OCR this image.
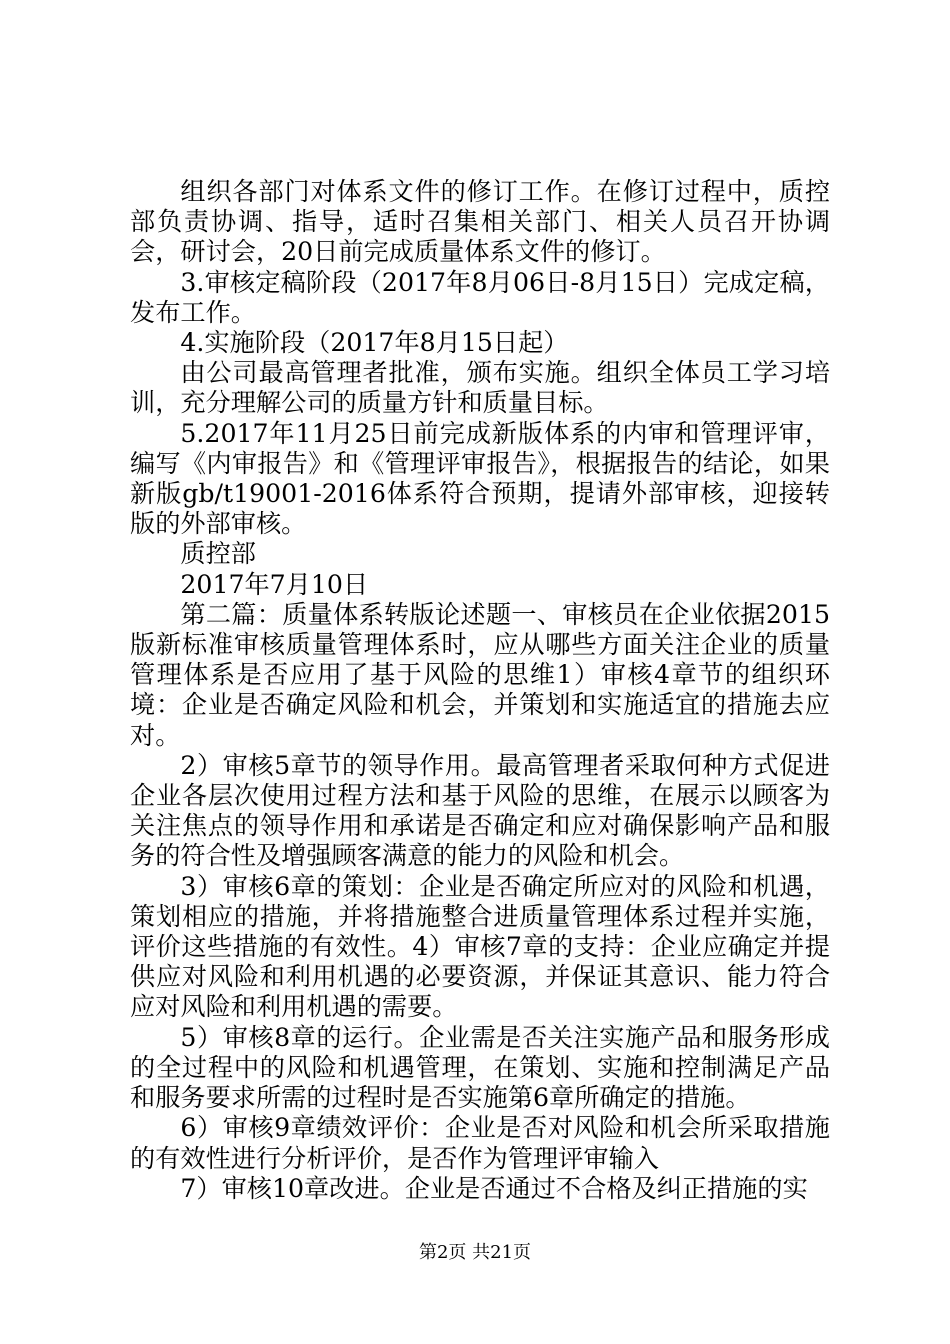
组织各部门对体系文件的修订工作。在修订过程中，质控部负责协调、指导，适时召集相关部门、相关人员召开协调会，研讨会，20日前完成质量体系文件的修订。

3.审核定稿阶段（2017年8月06日-8月15日）完成定稿，发布工作。

4.实施阶段（2017年8月15日起）

由公司最高管理者批准，颁布实施。组织全体员工学习培训，充分理解公司的质量方针和质量目标。

5.2017年11月25日前完成新版体系的内审和管理评审，编写《内审报告》和《管理评审报告》，根据报告的结论，如果新版gb/t19001-2016体系符合预期，提请外部审核，迎接转版的外部审核。

质控部

2017年7月10日

第二篇：质量体系转版论述题一、审核员在企业依据2015版新标准审核质量管理体系时，应从哪些方面关注企业的质量管理体系是否应用了基于风险的思维1）审核4章节的组织环境：企业是否确定风险和机会，并策划和实施适宜的措施去应对。

2）审核5章节的领导作用。最高管理者采取何种方式促进企业各层次使用过程方法和基于风险的思维，在展示以顾客为关注焦点的领导作用和承诺是否确定和应对确保影响产品和服务的符合性及增强顾客满意的能力的风险和机会。

3）审核6章的策划：企业是否确定所应对的风险和机遇，策划相应的措施，并将措施整合进质量管理体系过程并实施，评价这些措施的有效性。4）审核7章的支持：企业应确定并提供应对风险和利用机遇的必要资源，并保证其意识、能力符合应对风险和利用机遇的需要。

5）审核8章的运行。企业需是否关注实施产品和服务形成的全过程中的风险和机遇管理，在策划、实施和控制满足产品和服务要求所需的过程时是否实施第6章所确定的措施。

6）审核9章绩效评价：企业是否对风险和机会所采取措施的有效性进行分析评价，是否作为管理评审输入

7）审核10章改进。企业是否通过不合格及纠正措施的实

第2页 共21页
